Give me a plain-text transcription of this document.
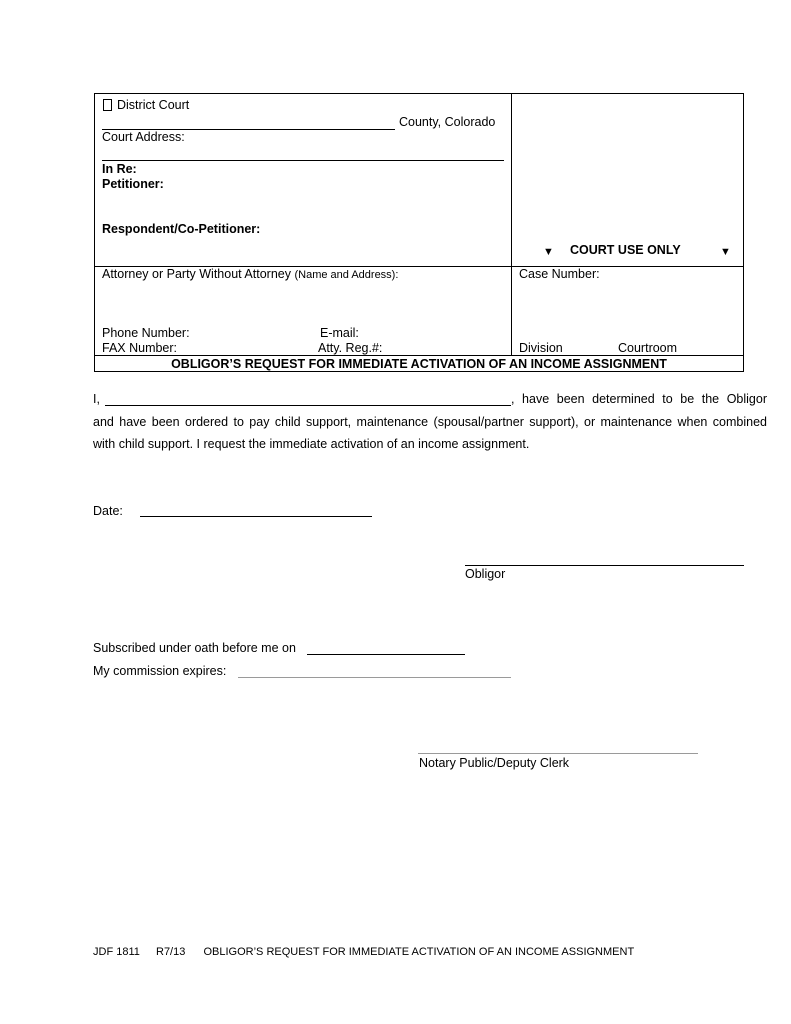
District Court
County, Colorado
Court Address:
In Re:
Petitioner:
Respondent/Co-Petitioner:
▼ COURT USE ONLY	▼
Attorney or Party Without Attorney (Name and Address):
Phone Number:	E-mail:
FAX Number:	Atty. Reg.#:
Case Number:
Division	Courtroom
OBLIGOR’S REQUEST FOR IMMEDIATE ACTIVATION OF AN INCOME ASSIGNMENT
I,	, have been determined to be the Obligor
and have been ordered to pay child support, maintenance (spousal/partner support), or maintenance when combined
with child support. I request the immediate activation of an income assignment.
Date:
Obligor
Subscribed under oath before me on
My commission expires:
Notary Public/Deputy Clerk
JDF 1811 R7/13 OBLIGOR’S REQUEST FOR IMMEDIATE ACTIVATION OF AN INCOME ASSIGNMENT
